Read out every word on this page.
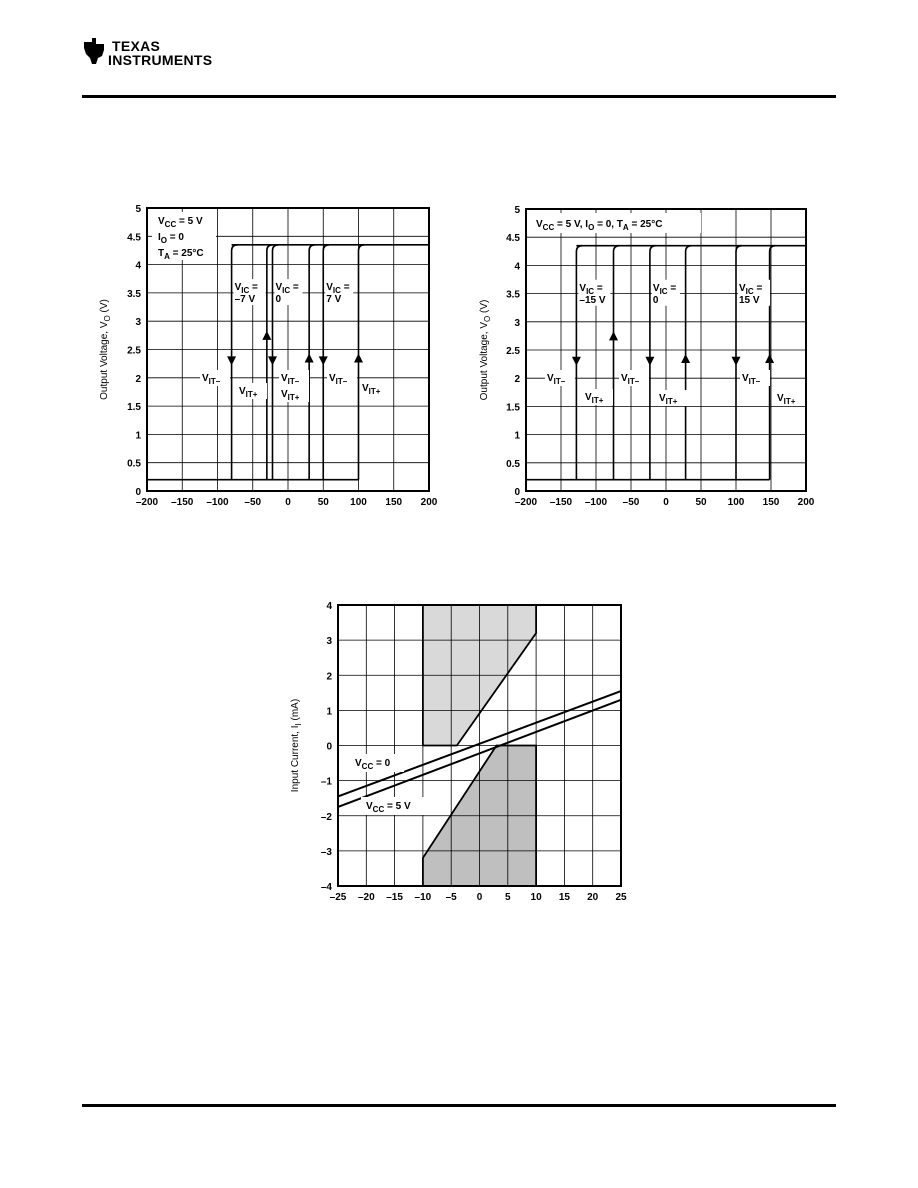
TEXAS
INSTRUMENTS
–200 –150 –100 –50 0	50 100 150 200
0
0.5
1
1.5
2
2.5
3
3.5
4
4.5
5
Output Voltage, $V_O$ (V)
$V_{IC}$ =
–7 V
$V_{IC}$ =
0
$V_{IC}$ =
7 V
$V_{IT-}$
$V_{IT+}$
$V_{IT-}$
$V_{IT+}$
$V_{IT-}$
$V_{IT+}$
$V_{CC} = 5$ V
$I_O = 0$
$T_A = 25^\circ C$
–200 –150 –100 –50 0	50 100 150 200
0
0.5
1
1.5
2
2.5
3
3.5
4
4.5
5
Output Voltage, $V_O$ (V)
$V_{IC}$ =
–15 V
$V_{IC}$ =
0
$V_{IC}$ =
15 V
$V_{IT-}$
$V_{IT+}$
$V_{IT-}$
$V_{IT+}$
$V_{IT-}$
$V_{IT+}$
$V_{CC} = 5$ V, $I_O = 0$, $T_A = 25^\circ C$
–25 –20 –15 –10 –5 0 5 10 15 20 25
–4
–3
–2
–1
0
1
2
3
4
Input Current, $I_I$ (mA)
$V_{CC} = 0$
$V_{CC} = 5$ V
